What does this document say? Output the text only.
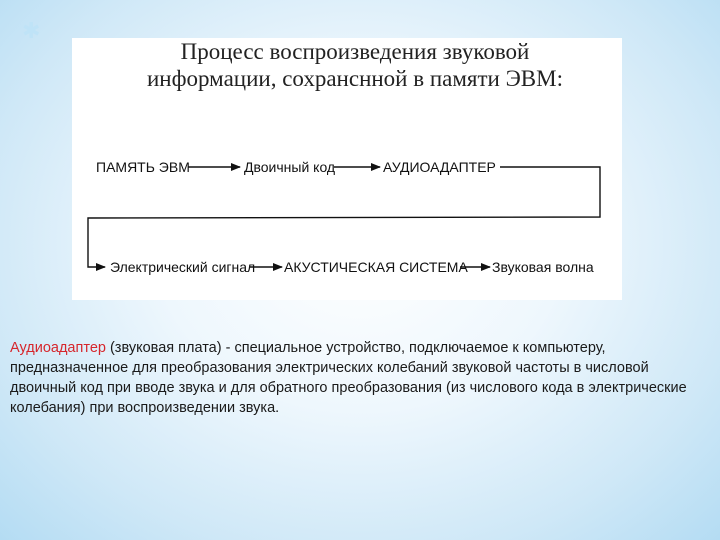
✱
Процесс воспроизведения звуковой
информации, сохранснной в памяти ЭВМ:
ПАМЯТЬ ЭВМ	Двоичный код	АУДИОАДАПТЕР
Электрический сигнал АКУСТИЧЕСКАЯ СИСТЕМА Звуковая волна
Аудиоадаптер (звуковая плата) - специальное устройство, подключаемое к компьютеру, предназначенное для преобразования электрических колебаний звуковой частоты в числовой двоичный код при вводе звука и для обратного преобразования (из числового кода в электрические колебания) при воспроизведении звука.
